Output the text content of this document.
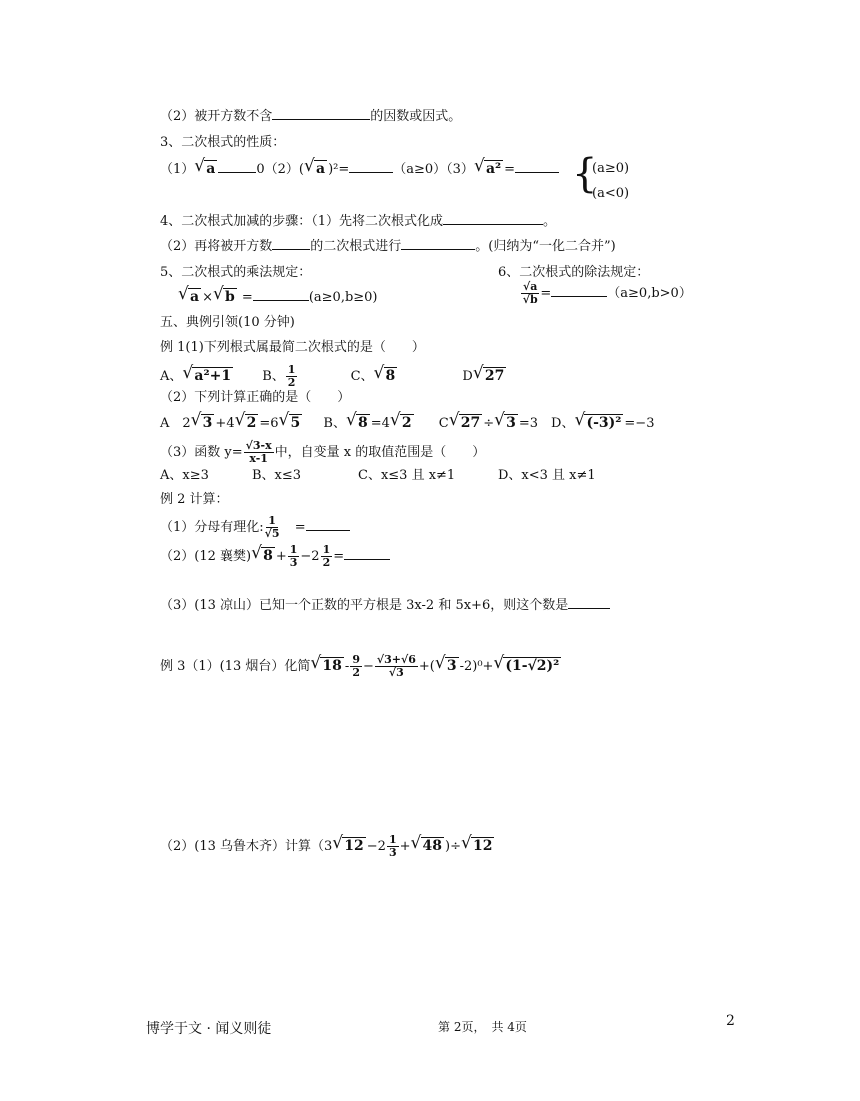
（2）被开方数不含	的因数或因式。
3、二次根式的性质：
（1） √ a	0（2）( √ a )²=	（a≥0）（3） √ a² =	{
(a≥0)
(a<0)
4、二次根式加减的步骤：（1）先将二次根式化成	。
（2）再将被开方数	的二次根式进行	。(归纳为“一化二合并”)
5、二次根式的乘法规定：	6、二次根式的除法规定：
√ a × √ b =	(a≥0,b≥0)	$\frac{√a}{√b}$ =	（a≥0,b>0）
五、典例引领(10 分钟)
例 1(1)下列根式属最简二次根式的是（　　）
A、 √ a²+1 B、 $\frac{1}{2}$	C、 √ 8	D √ 27
（2）下列计算正确的是（　　）
A　2 √ 3 +4 √ 2 =6 √ 5 B、 √ 8 =4 √ 2 C √ 27 ÷ √ 3 =3　D、 √ (-3)² =−3
（3）函数 $y= \frac{√3-x}{x-1}$ 中，自变量 x 的取值范围是（　　）
A、x≥3	B、x≤3	C、x≤3 且 x≠1	D、x<3 且 x≠1
例 2 计算：
（1）分母有理化: $\frac{1}{√5}$ =
（2）(12 襄樊) √ $8 + \frac{1}{3} -2 \frac{1}{2}$ =
（3）(13 凉山）已知一个正数的平方根是 3x-2 和 5x+6，则这个数是
例 3（1）(13 烟台）化简 √ $18 - \frac{9}{2} - \frac{√3+√6}{√3}$ +( √ 3 -2)⁰+ √ (1-√2)²
（2）(13 乌鲁木齐）计算（3 √ $12 -2 \frac{1}{3}$ + √ 48 )÷ √ 12
博学于文 · 闻义则徒	第 2页，　共 4页	2
